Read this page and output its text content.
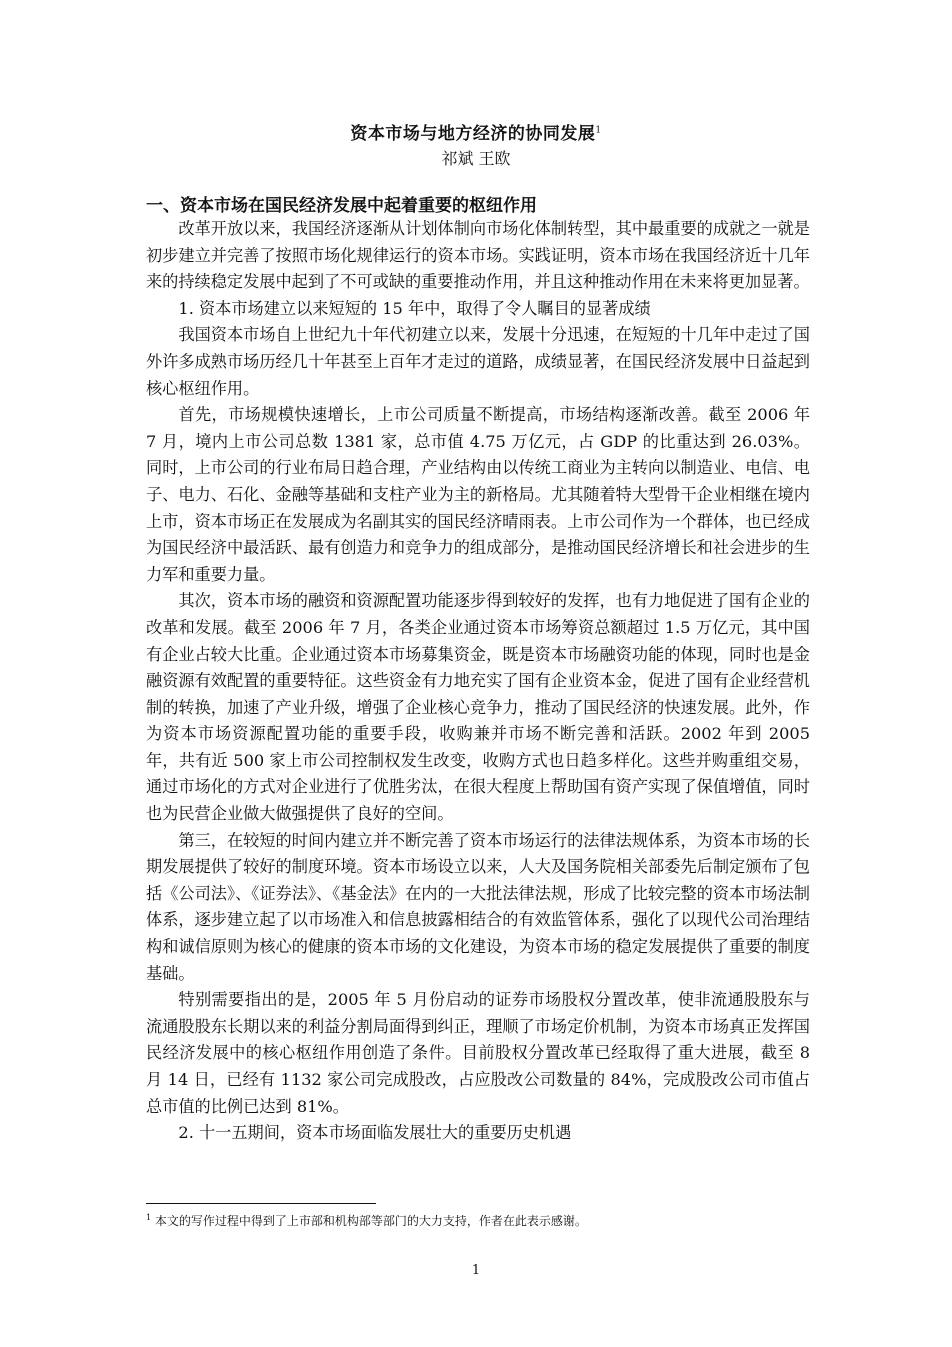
资本市场与地方经济的协同发展$^1$
祁斌 王欧
一、资本市场在国民经济发展中起着重要的枢纽作用

改革开放以来，我国经济逐渐从计划体制向市场化体制转型，其中最重要的成就之一就是初步建立并完善了按照市场化规律运行的资本市场。实践证明，资本市场在我国经济近十几年来的持续稳定发展中起到了不可或缺的重要推动作用，并且这种推动作用在未来将更加显著。

1. 资本市场建立以来短短的 15 年中，取得了令人瞩目的显著成绩

我国资本市场自上世纪九十年代初建立以来，发展十分迅速，在短短的十几年中走过了国外许多成熟市场历经几十年甚至上百年才走过的道路，成绩显著，在国民经济发展中日益起到核心枢纽作用。

首先，市场规模快速增长，上市公司质量不断提高，市场结构逐渐改善。截至 2006 年 7 月，境内上市公司总数 1381 家，总市值 4.75 万亿元，占 GDP 的比重达到 26.03%。同时，上市公司的行业布局日趋合理，产业结构由以传统工商业为主转向以制造业、电信、电子、电力、石化、金融等基础和支柱产业为主的新格局。尤其随着特大型骨干企业相继在境内上市，资本市场正在发展成为名副其实的国民经济晴雨表。上市公司作为一个群体，也已经成为国民经济中最活跃、最有创造力和竞争力的组成部分，是推动国民经济增长和社会进步的生力军和重要力量。

其次，资本市场的融资和资源配置功能逐步得到较好的发挥，也有力地促进了国有企业的改革和发展。截至 2006 年 7 月，各类企业通过资本市场筹资总额超过 1.5 万亿元，其中国有企业占较大比重。企业通过资本市场募集资金，既是资本市场融资功能的体现，同时也是金融资源有效配置的重要特征。这些资金有力地充实了国有企业资本金，促进了国有企业经营机制的转换，加速了产业升级，增强了企业核心竞争力，推动了国民经济的快速发展。此外，作为资本市场资源配置功能的重要手段，收购兼并市场不断完善和活跃。2002 年到 2005 年，共有近 500 家上市公司控制权发生改变，收购方式也日趋多样化。这些并购重组交易，通过市场化的方式对企业进行了优胜劣汰，在很大程度上帮助国有资产实现了保值增值，同时也为民营企业做大做强提供了良好的空间。

第三，在较短的时间内建立并不断完善了资本市场运行的法律法规体系，为资本市场的长期发展提供了较好的制度环境。资本市场设立以来，人大及国务院相关部委先后制定颁布了包括《公司法》、《证券法》、《基金法》在内的一大批法律法规，形成了比较完整的资本市场法制体系，逐步建立起了以市场准入和信息披露相结合的有效监管体系，强化了以现代公司治理结构和诚信原则为核心的健康的资本市场的文化建设，为资本市场的稳定发展提供了重要的制度基础。

特别需要指出的是，2005 年 5 月份启动的证券市场股权分置改革，使非流通股股东与流通股股东长期以来的利益分割局面得到纠正，理顺了市场定价机制，为资本市场真正发挥国民经济发展中的核心枢纽作用创造了条件。目前股权分置改革已经取得了重大进展，截至 8 月 14 日，已经有 1132 家公司完成股改，占应股改公司数量的 84%，完成股改公司市值占总市值的比例已达到 81%。

2. 十一五期间，资本市场面临发展壮大的重要历史机遇

$^1$ 本文的写作过程中得到了上市部和机构部等部门的大力支持，作者在此表示感谢。
1
